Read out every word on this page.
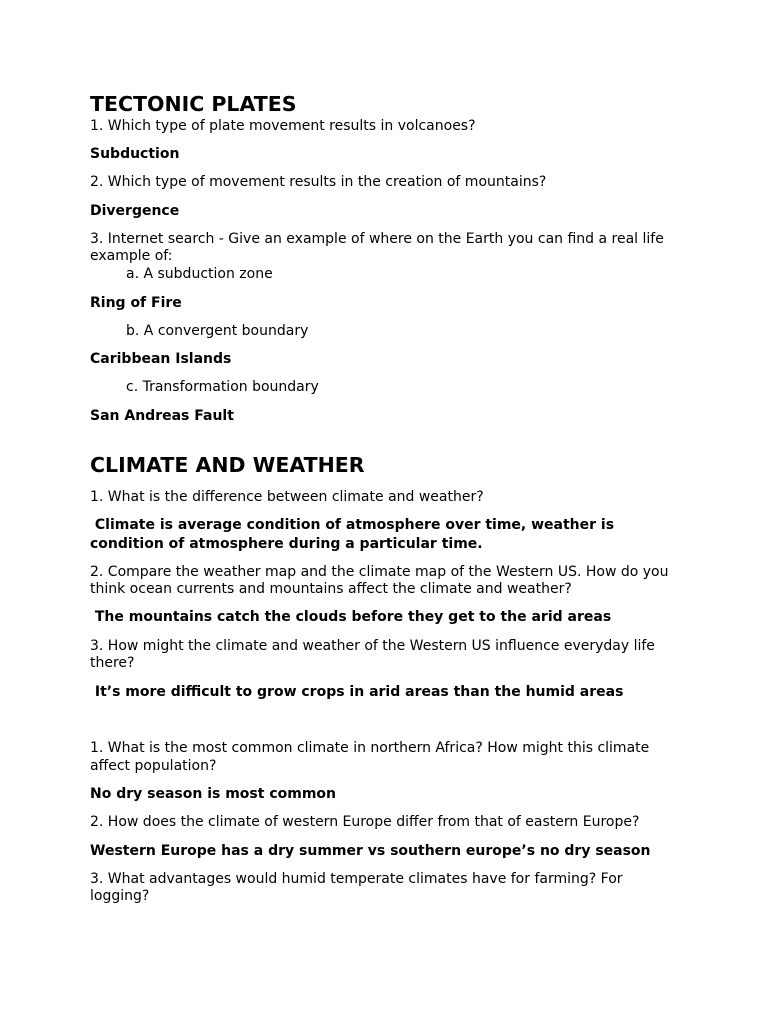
TECTONIC PLATES

1. Which type of plate movement results in volcanoes?

Subduction

2. Which type of movement results in the creation of mountains?

Divergence

3. Internet search - Give an example of where on the Earth you can find a real life

example of:

a. A subduction zone

Ring of Fire

b. A convergent boundary

Caribbean Islands

c. Transformation boundary

San Andreas Fault

CLIMATE AND WEATHER

1. What is the difference between climate and weather?

Climate is average condition of atmosphere over time, weather is

condition of atmosphere during a particular time.

2. Compare the weather map and the climate map of the Western US. How do you

think ocean currents and mountains affect the climate and weather?

The mountains catch the clouds before they get to the arid areas

3. How might the climate and weather of the Western US influence everyday life

there?

It’s more difficult to grow crops in arid areas than the humid areas

1. What is the most common climate in northern Africa? How might this climate

affect population?

No dry season is most common

2. How does the climate of western Europe differ from that of eastern Europe?

Western Europe has a dry summer vs southern europe’s no dry season

3. What advantages would humid temperate climates have for farming? For

logging?
